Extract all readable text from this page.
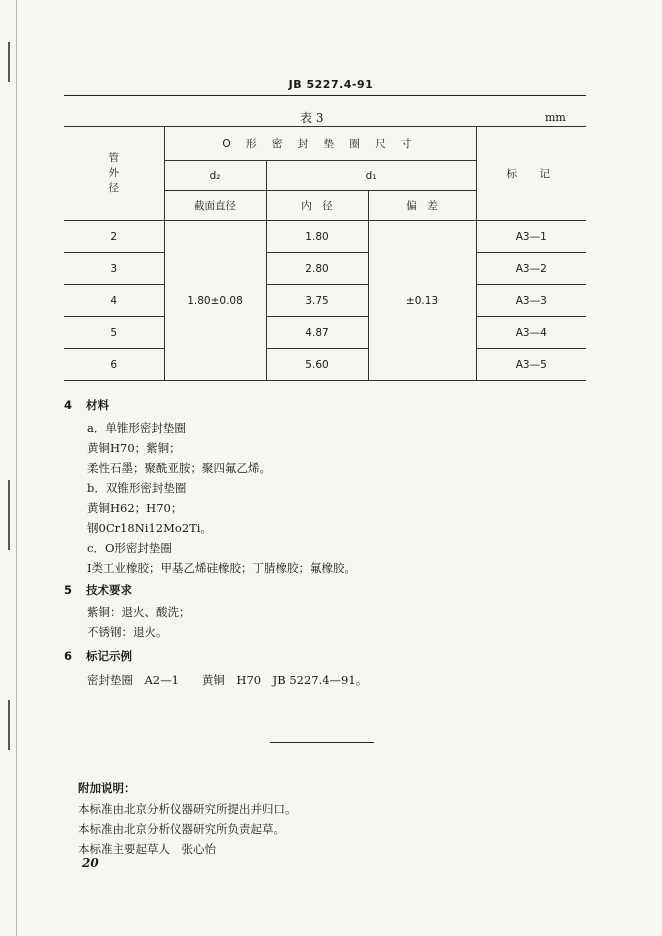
JB 5227.4-91
表 3	mm
管外径	O 形 密 封 垫 圈 尺 寸			标　记
	d₂	d₁		
	截面直径	内　径	偏　差	
2	1.80±0.08	1.80	±0.13	A3—1
3		2.80		A3—2
4		3.75		A3—3
5		4.87		A3—4
6		5.60		A3—5
4 材料
a．单锥形密封垫圈
黄铜H70；紫铜；
柔性石墨；聚酰亚胺；聚四氟乙烯。
b．双锥形密封垫圈
黄铜H62；H70；
钢0Cr18Ni12Mo2Ti。
c．O形密封垫圈
Ⅰ类工业橡胶；甲基乙烯硅橡胶；丁腈橡胶；氟橡胶。
5 技术要求
紫铜：退火、酸洗；
不锈钢：退火。
6 标记示例
密封垫圈　A2—1　　黄铜　H70　JB 5227.4—91。
附加说明：
本标准由北京分析仪器研究所提出并归口。
本标准由北京分析仪器研究所负责起草。
本标准主要起草人　张心怡
20
